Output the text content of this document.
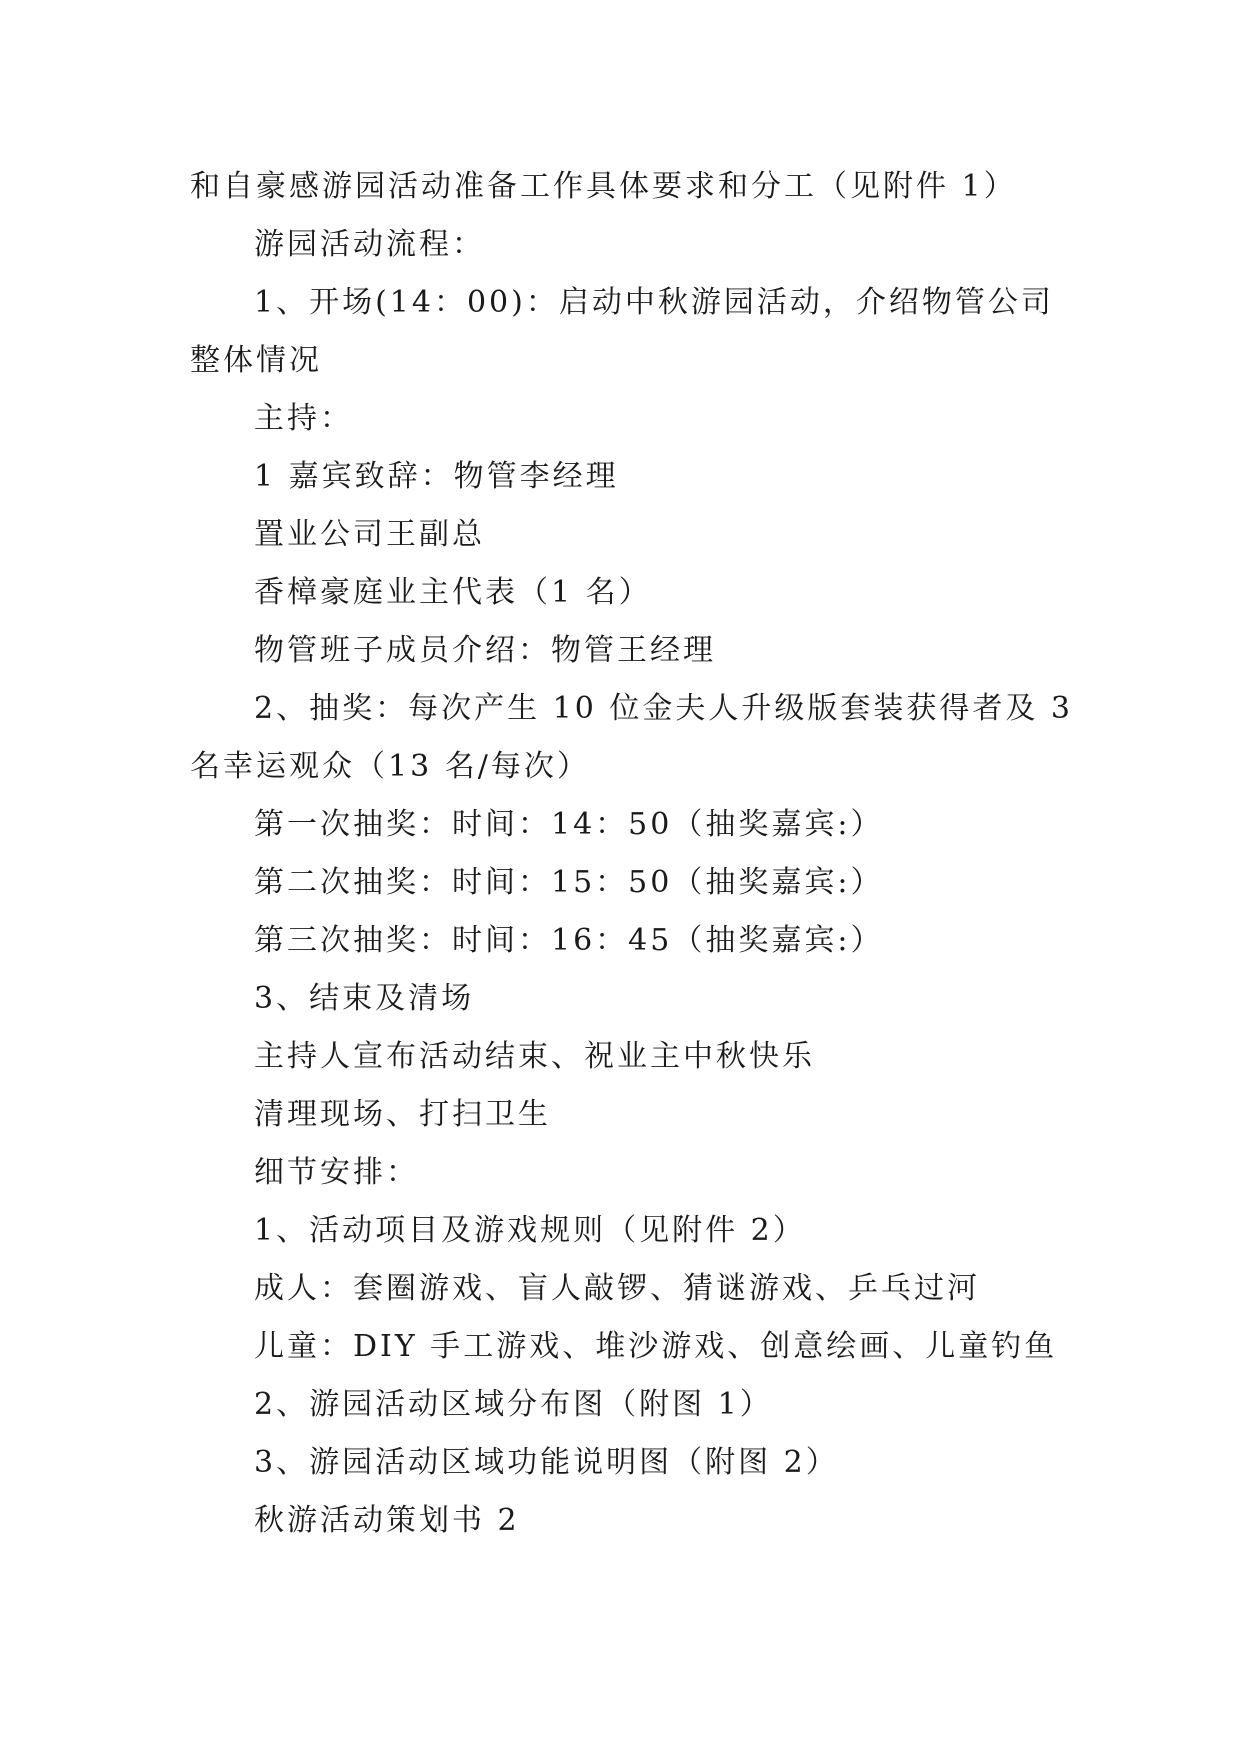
和自豪感游园活动准备工作具体要求和分工（见附件 1）
游园活动流程：
1、开场(14：00)：启动中秋游园活动，介绍物管公司
整体情况
主持：
1 嘉宾致辞：物管李经理
置业公司王副总
香樟豪庭业主代表（1 名）
物管班子成员介绍：物管王经理
2、抽奖：每次产生 10 位金夫人升级版套装获得者及 3
名幸运观众（13 名/每次）
第一次抽奖：时间：14：50（抽奖嘉宾:）
第二次抽奖：时间：15：50（抽奖嘉宾:）
第三次抽奖：时间：16：45（抽奖嘉宾:）
3、结束及清场
主持人宣布活动结束、祝业主中秋快乐
清理现场、打扫卫生
细节安排：
1、活动项目及游戏规则（见附件 2）
成人：套圈游戏、盲人敲锣、猜谜游戏、乒乓过河
儿童：DIY 手工游戏、堆沙游戏、创意绘画、儿童钓鱼
2、游园活动区域分布图（附图 1）
3、游园活动区域功能说明图（附图 2）
秋游活动策划书 2
